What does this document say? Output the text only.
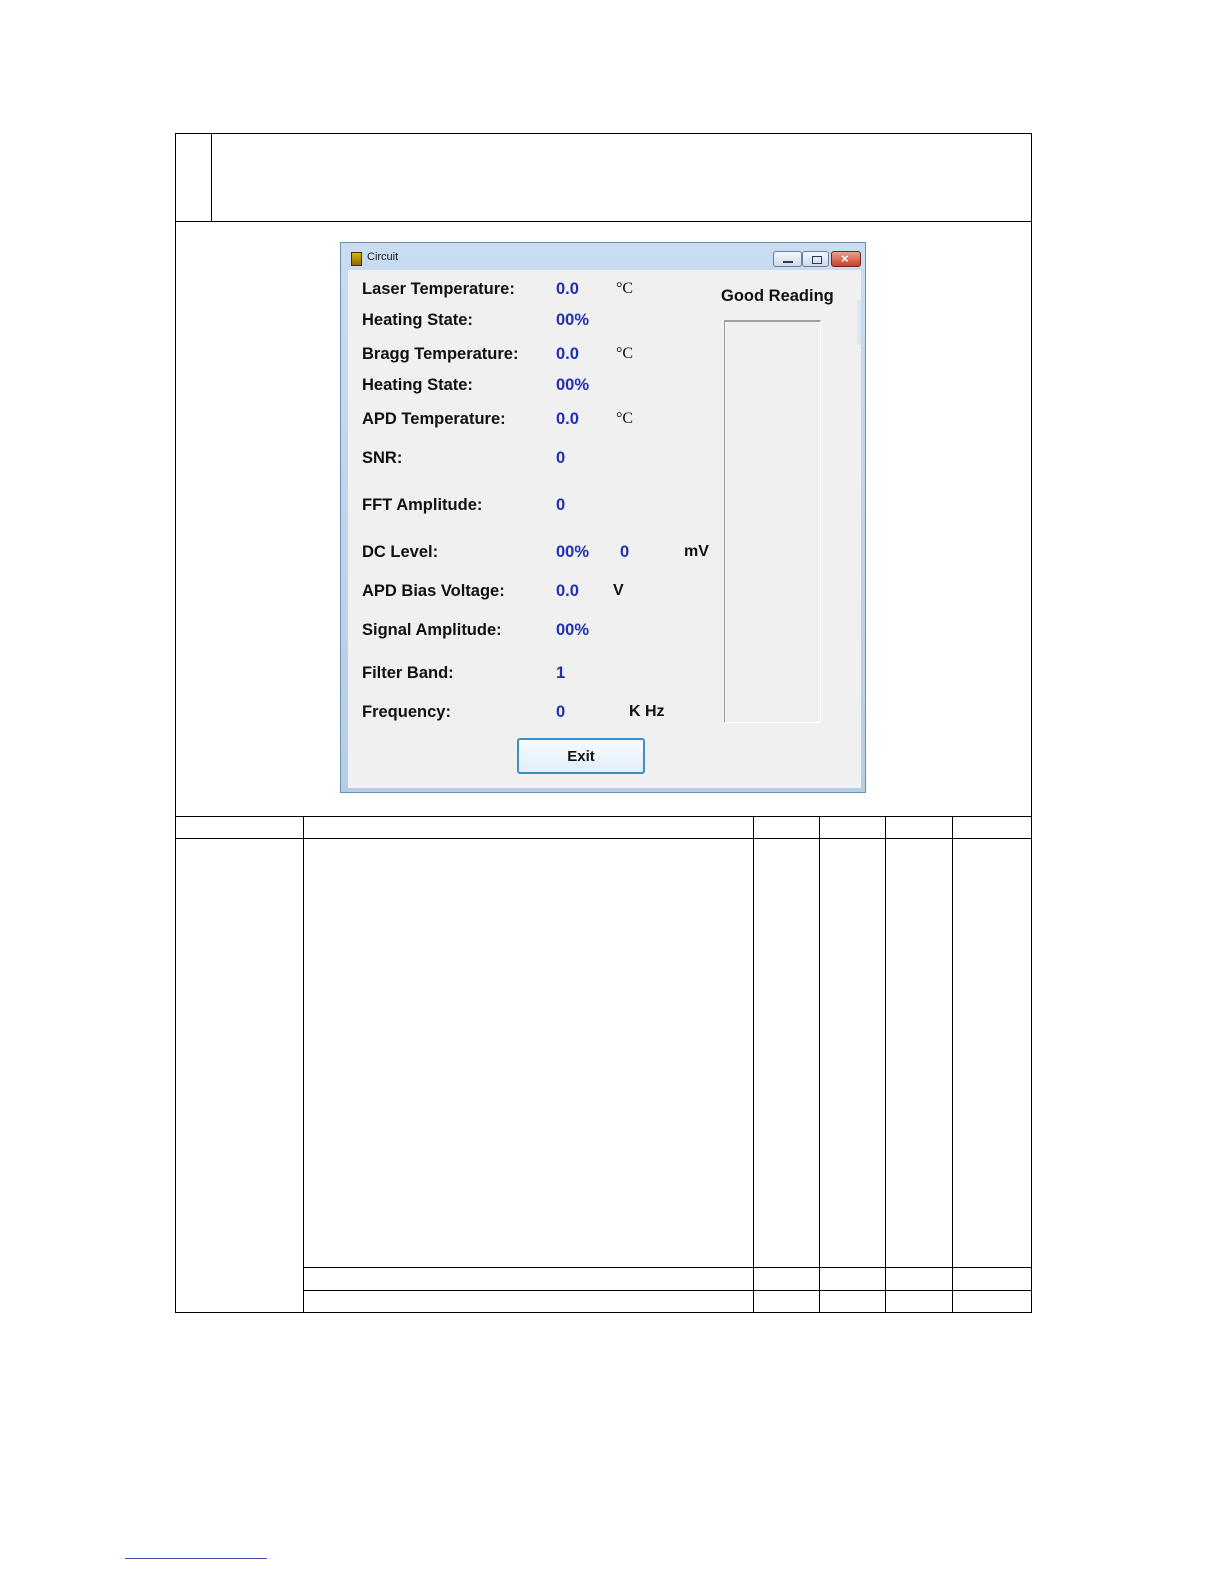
Circuit	×
Laser Temperature: 0.0 °C
Heating State:	00%
Bragg Temperature: 0.0 °C
Heating State:	00%
APD Temperature:	0.0 °C
SNR:	0
FFT Amplitude:	0
DC Level:	00% 0	mV
APD Bias Voltage:	0.0 V
Signal Amplitude:	00%
Filter Band:	1
Frequency:	0	K Hz
Good Reading
Exit
